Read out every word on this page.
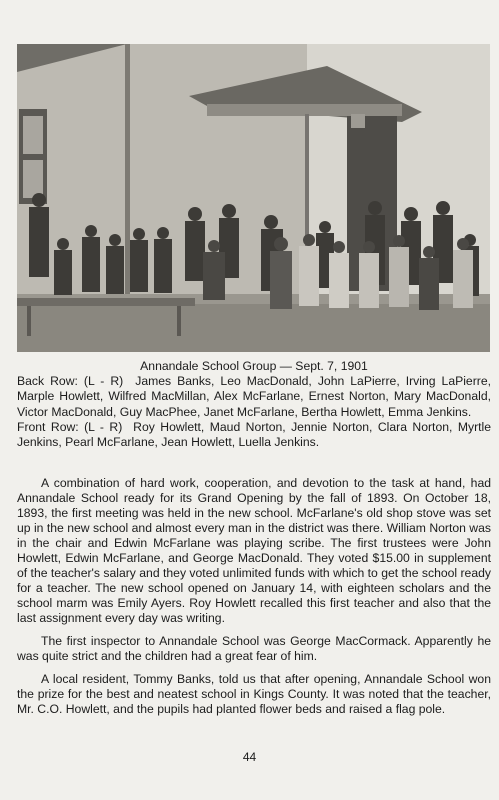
Annandale School Group — Sept. 7, 1901

Back Row: (L - R)  James Banks, Leo MacDonald, John LaPierre, Irving LaPierre, Marple Howlett, Wilfred MacMillan, Alex McFarlane, Ernest Norton, Mary MacDonald, Victor MacDonald, Guy MacPhee, Janet McFarlane, Bertha Howlett, Emma Jenkins.

Front Row: (L - R)  Roy Howlett, Maud Norton, Jennie Norton, Clara Norton, Myrtle Jenkins, Pearl McFarlane, Jean Howlett, Luella Jenkins.

A combination of hard work, cooperation, and devotion to the task at hand, had Annandale School ready for its Grand Opening by the fall of 1893. On October 18, 1893, the first meeting was held in the new school. McFarlane's old shop stove was set up in the new school and almost every man in the district was there. William Norton was in the chair and Edwin McFarlane was playing scribe. The first trustees were John Howlett, Edwin McFarlane, and George MacDonald. They voted $15.00 in supplement of the teacher's salary and they voted unlimited funds with which to get the school ready for a teacher. The new school opened on January 14, with eighteen scholars and the school marm was Emily Ayers. Roy Howlett recalled this first teacher and also that the last assignment every day was writing.

The first inspector to Annandale School was George MacCormack. Apparently he was quite strict and the children had a great fear of him.

A local resident, Tommy Banks, told us that after opening, Annandale School won the prize for the best and neatest school in Kings County. It was noted that the teacher, Mr. C.O. Howlett, and the pupils had planted flower beds and raised a flag pole.

44
